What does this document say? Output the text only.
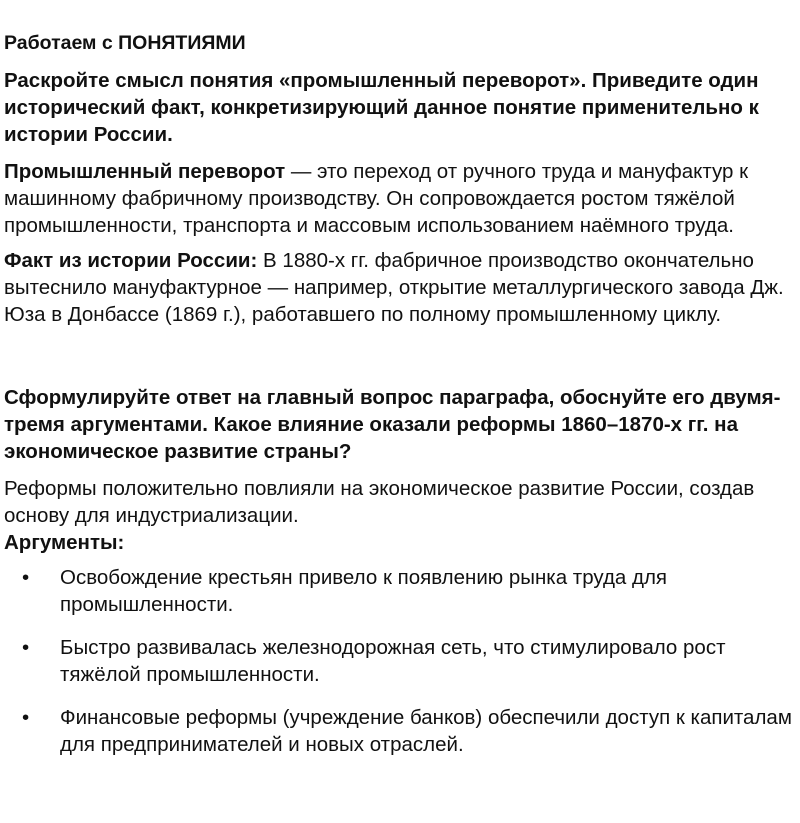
Работаем с ПОНЯТИЯМИ
Раскройте смысл понятия «промышленный переворот». Приведите один исторический факт, конкретизирующий данное понятие применительно к истории России.

Промышленный переворот — это переход от ручного труда и мануфактур к машинному фабричному производству. Он сопровождается ростом тяжёлой промышленности, транспорта и массовым использованием наёмного труда.

Факт из истории России: В 1880-х гг. фабричное производство окончательно вытеснило мануфактурное — например, открытие металлургического завода Дж. Юза в Донбассе (1869 г.), работавшего по полному промышленному циклу.

Сформулируйте ответ на главный вопрос параграфа, обоснуйте его двумя-тремя аргументами. Какое влияние оказали реформы 1860–1870-х гг. на экономическое развитие страны?
Реформы положительно повлияли на экономическое развитие России, создав основу для индустриализации.
Аргументы:
• Освобождение крестьян привело к появлению рынка труда для промышленности.
• Быстро развивалась железнодорожная сеть, что стимулировало рост тяжёлой промышленности.
• Финансовые реформы (учреждение банков) обеспечили доступ к капиталам для предпринимателей и новых отраслей.
